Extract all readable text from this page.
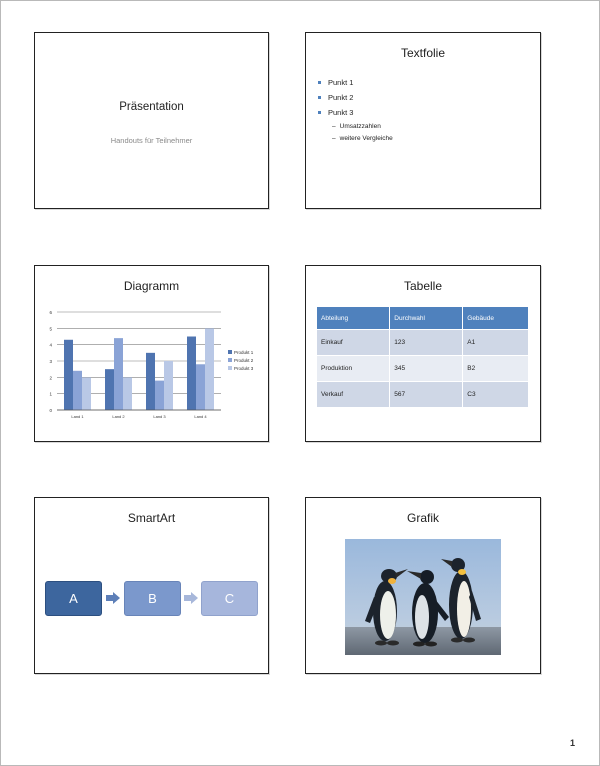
Präsentation
Handouts für Teilnehmer
Textfolie
Punkt 1
Punkt 2
Punkt 3
– Umsatzzahlen
– weitere Vergleiche
Diagramm
0
1
2
3
4
5
6
Land 1	Land 2	Land 3	Land 4
Produkt 1
Produkt 2
Produkt 3
Tabelle
Abteilung	Durchwahl	Gebäude
Einkauf	123	A1
Produktion	345	B2
Verkauf	567	C3
SmartArt
A	B	C
Grafik
1
